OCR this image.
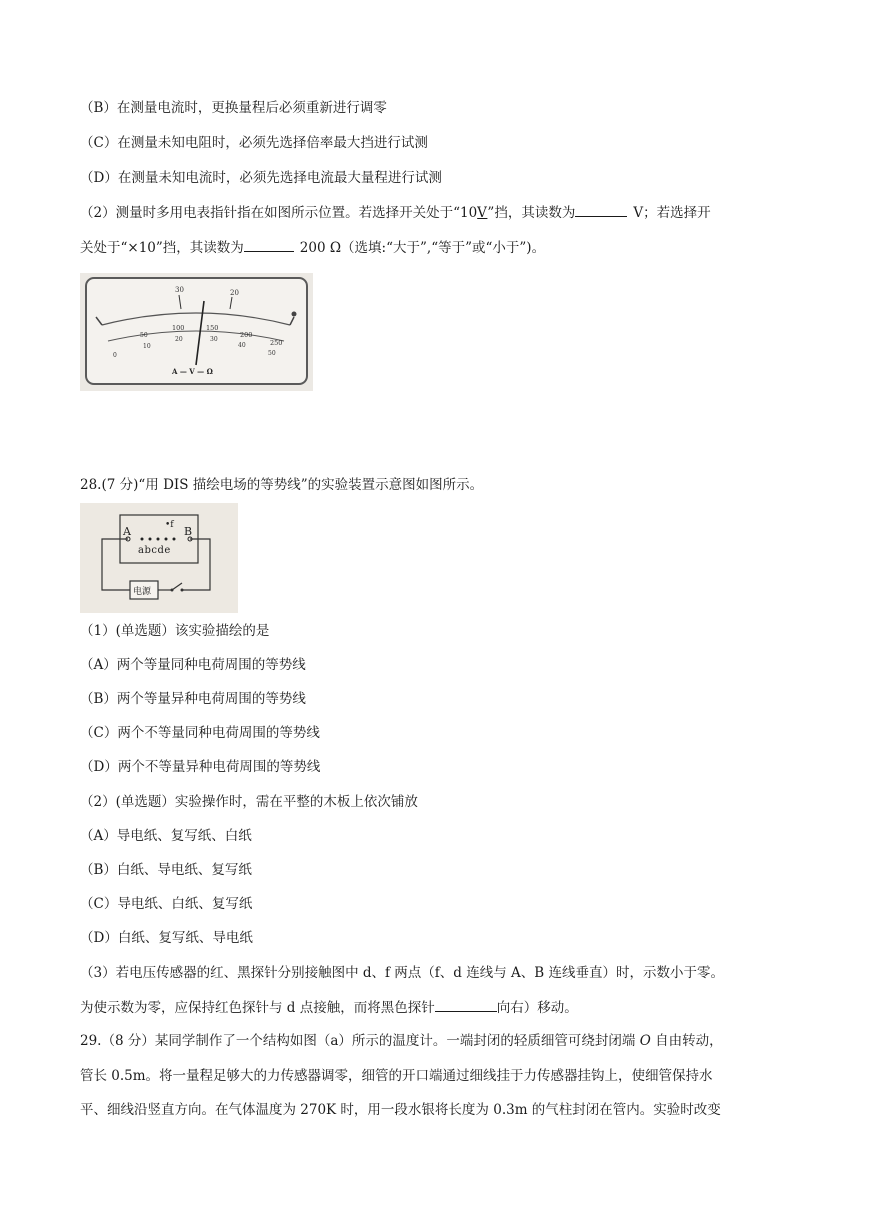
（B）在测量电流时，更换量程后必须重新进行调零
（C）在测量未知电阻时，必须先选择倍率最大挡进行试测
（D）在测量未知电流时，必须先选择电流最大量程进行试测
（2）测量时多用电表指针指在如图所示位置。若选择开关处于“10V”挡，其读数为	V；若选择开
关处于“×10”挡，其读数为	200 Ω（选填:“大于”,“等于”或“小于”)。
30	20
50
100	150
200
250
0
10
20	30
40
50
A — V — Ω
28.(7 分)“用 DIS 描绘电场的等势线”的实验装置示意图如图所示。
A	B
•f
abcde
电源
（1）(单选题）该实验描绘的是
（A）两个等量同种电荷周围的等势线
（B）两个等量异种电荷周围的等势线
（C）两个不等量同种电荷周围的等势线
（D）两个不等量异种电荷周围的等势线
（2）(单选题）实验操作时，需在平整的木板上依次铺放
（A）导电纸、复写纸、白纸
（B）白纸、导电纸、复写纸
（C）导电纸、白纸、复写纸
（D）白纸、复写纸、导电纸
（3）若电压传感器的红、黑探针分别接触图中 d、f 两点（f、d 连线与 A、B 连线垂直）时，示数小于零。
为使示数为零，应保持红色探针与 d 点接触，而将黑色探针	向右）移动。
29.（8 分）某同学制作了一个结构如图（a）所示的温度计。一端封闭的轻质细管可绕封闭端 O 自由转动，
管长 0.5m。将一量程足够大的力传感器调零，细管的开口端通过细线挂于力传感器挂钩上，使细管保持水
平、细线沿竖直方向。在气体温度为 270K 时，用一段水银将长度为 0.3m 的气柱封闭在管内。实验时改变
